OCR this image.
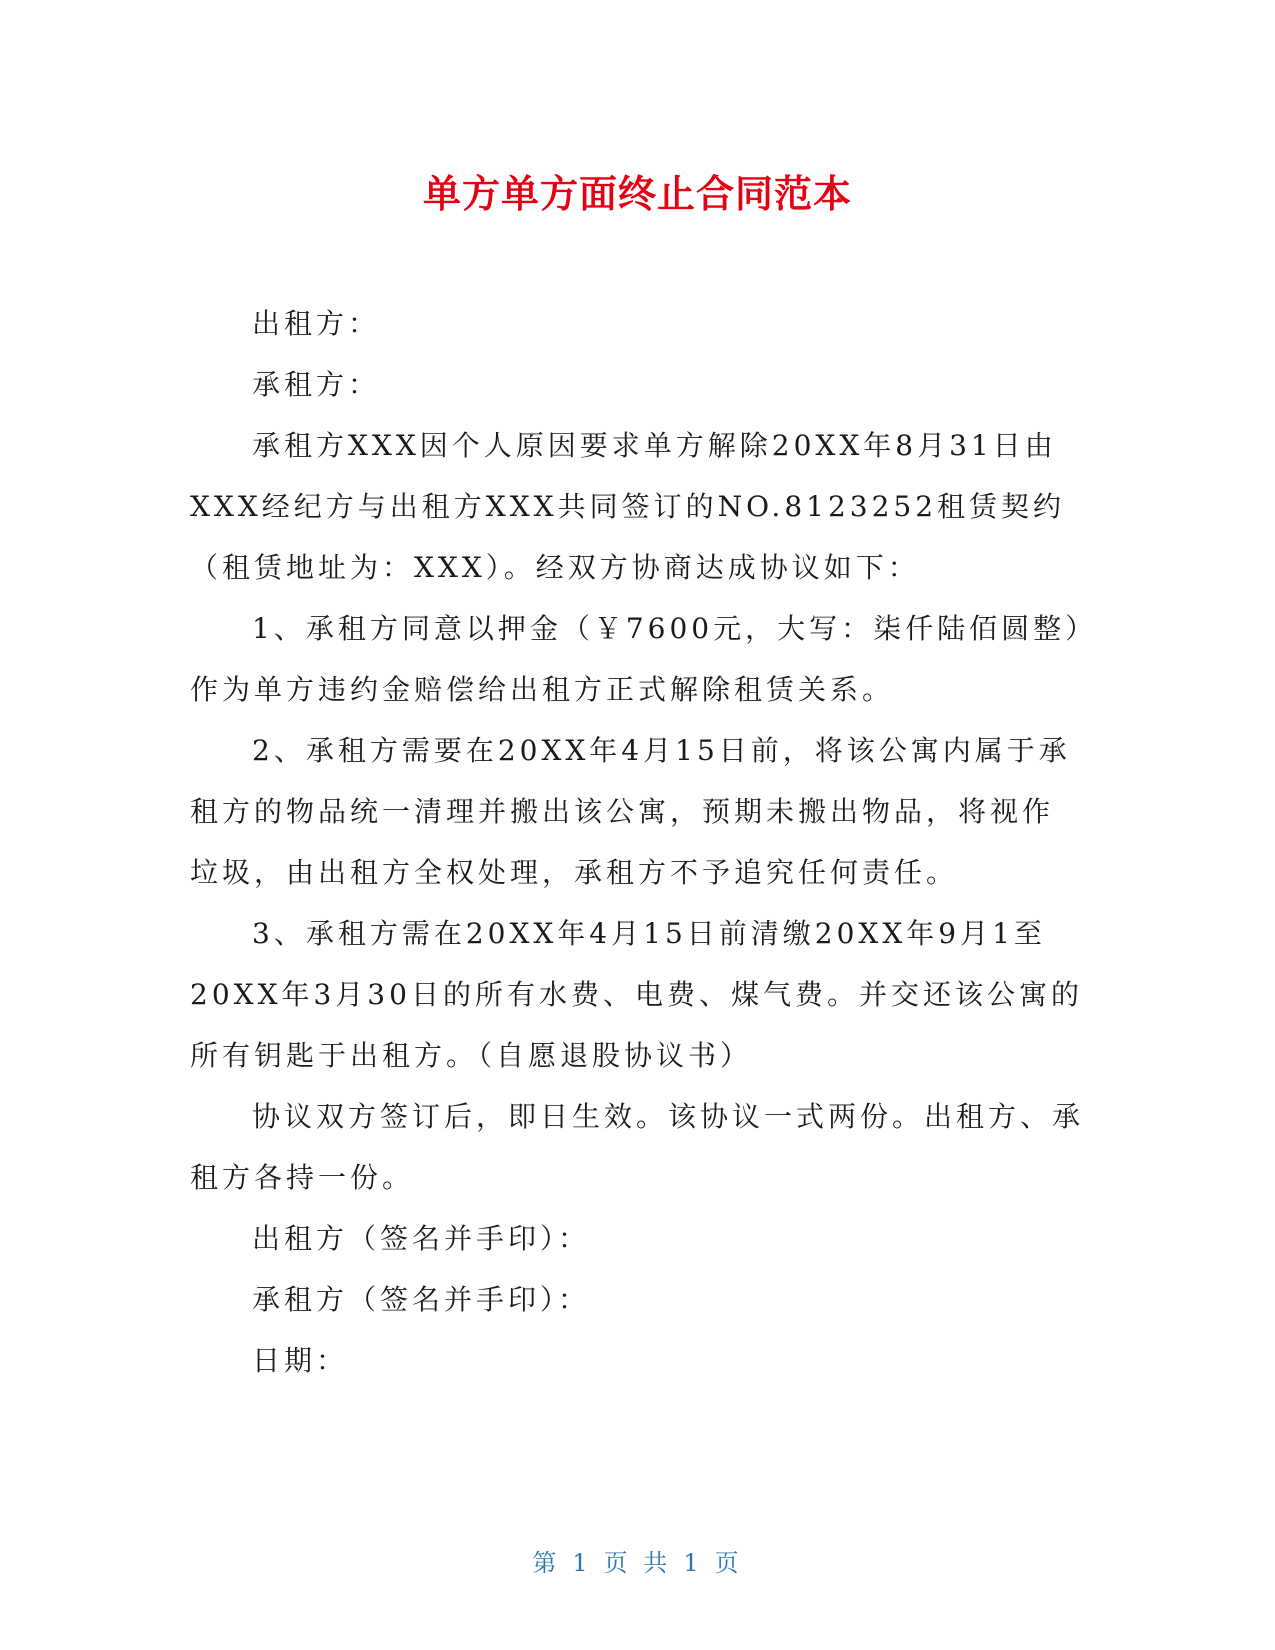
单方单方面终止合同范本

出租方：

承租方：

承租方XXX因个人原因要求单方解除20XX年8月31日由XXX经纪方与出租方XXX共同签订的NO.8123252租赁契约（租赁地址为：XXX）。经双方协商达成协议如下：

1、承租方同意以押金（￥7600元，大写：柒仟陆佰圆整）作为单方违约金赔偿给出租方正式解除租赁关系。

2、承租方需要在20XX年4月15日前，将该公寓内属于承租方的物品统一清理并搬出该公寓，预期未搬出物品，将视作垃圾，由出租方全权处理，承租方不予追究任何责任。

3、承租方需在20XX年4月15日前清缴20XX年9月1至20XX年3月30日的所有水费、电费、煤气费。并交还该公寓的所有钥匙于出租方。（自愿退股协议书）

协议双方签订后，即日生效。该协议一式两份。出租方、承租方各持一份。

出租方（签名并手印）：

承租方（签名并手印）：

日期：

第 1 页 共 1 页
